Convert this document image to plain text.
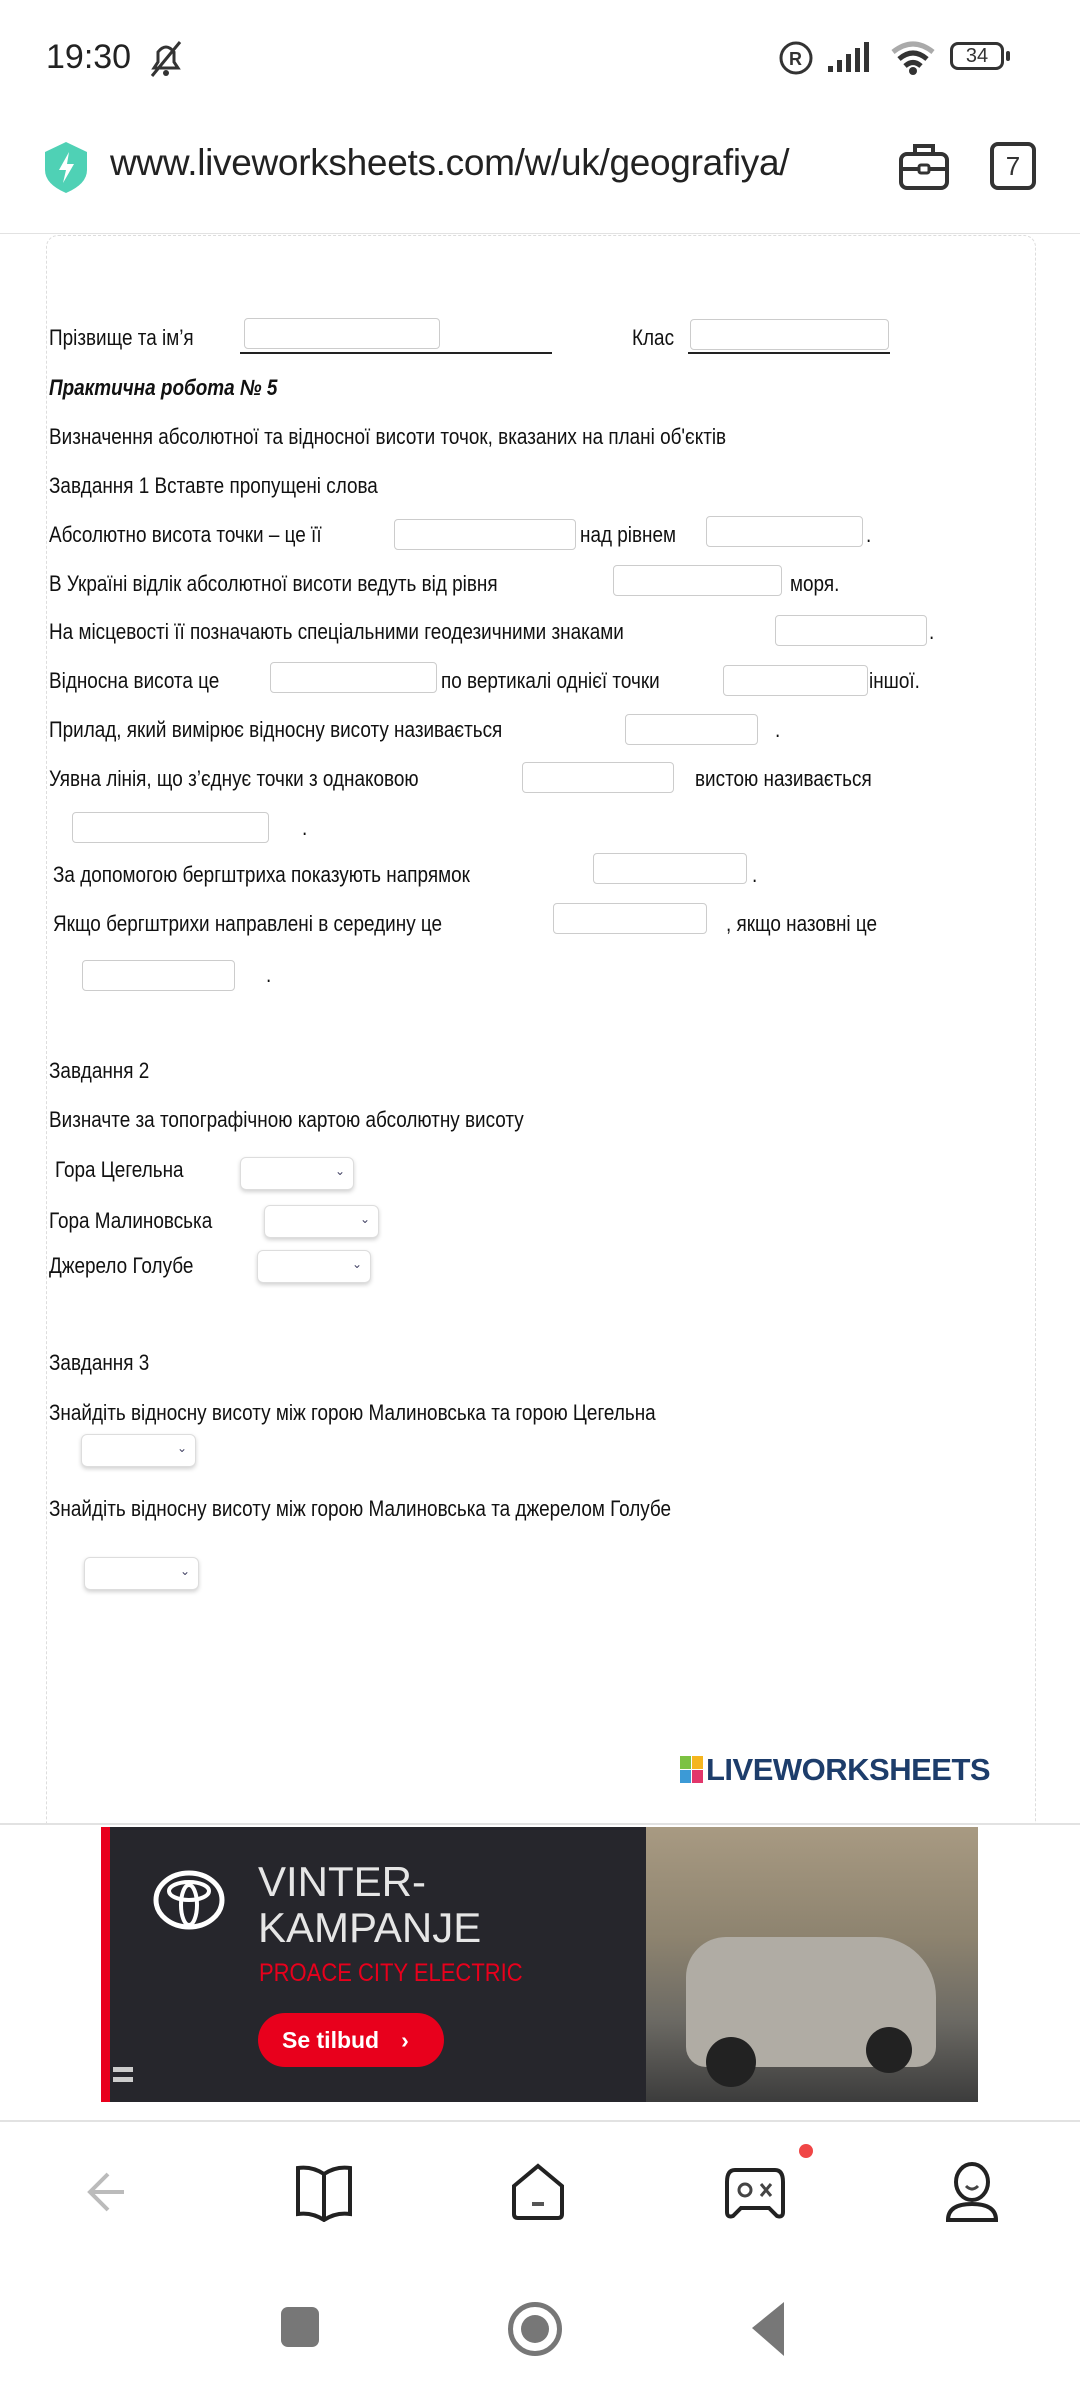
19:30	R	34
www.liveworksheets.com/w/uk/geografiya/	7
Прізвище та ім’я	Клас
Практична робота № 5
Визначення абсолютної та відносної висоти точок, вказаних на плані об'єктів
Завдання 1 Вставте пропущені слова
Абсолютно висота точки – це її	над рівнем	.
В Україні відлік абсолютної висоти ведуть від рівня	моря.
На місцевості її позначають спеціальними геодезичними знаками	.
Відносна висота це	по вертикалі однієї точки	іншої.
Прилад, який вимірює відносну висоту називається	.
Уявна лінія, що з’єднує точки з однаковою	вистою називається
.
За допомогою бергштриха показують напрямок	.
Якщо бергштрихи направлені в середину це	, якщо назовні це
.
Завдання 2
Визначте за топографічною картою абсолютну висоту
Гора Цегельна	⌄
Гора Малиновська	⌄
Джерело Голубе	⌄
Завдання 3
Знайдіть відносну висоту між горою Малиновська та горою Цегельна
⌄
Знайдіть відносну висоту між горою Малиновська та джерелом Голубе
⌄
LIVEWORKSHEETS
VINTER-
KAMPANJE
PROACE CITY ELECTRIC
Se tilbud ›
